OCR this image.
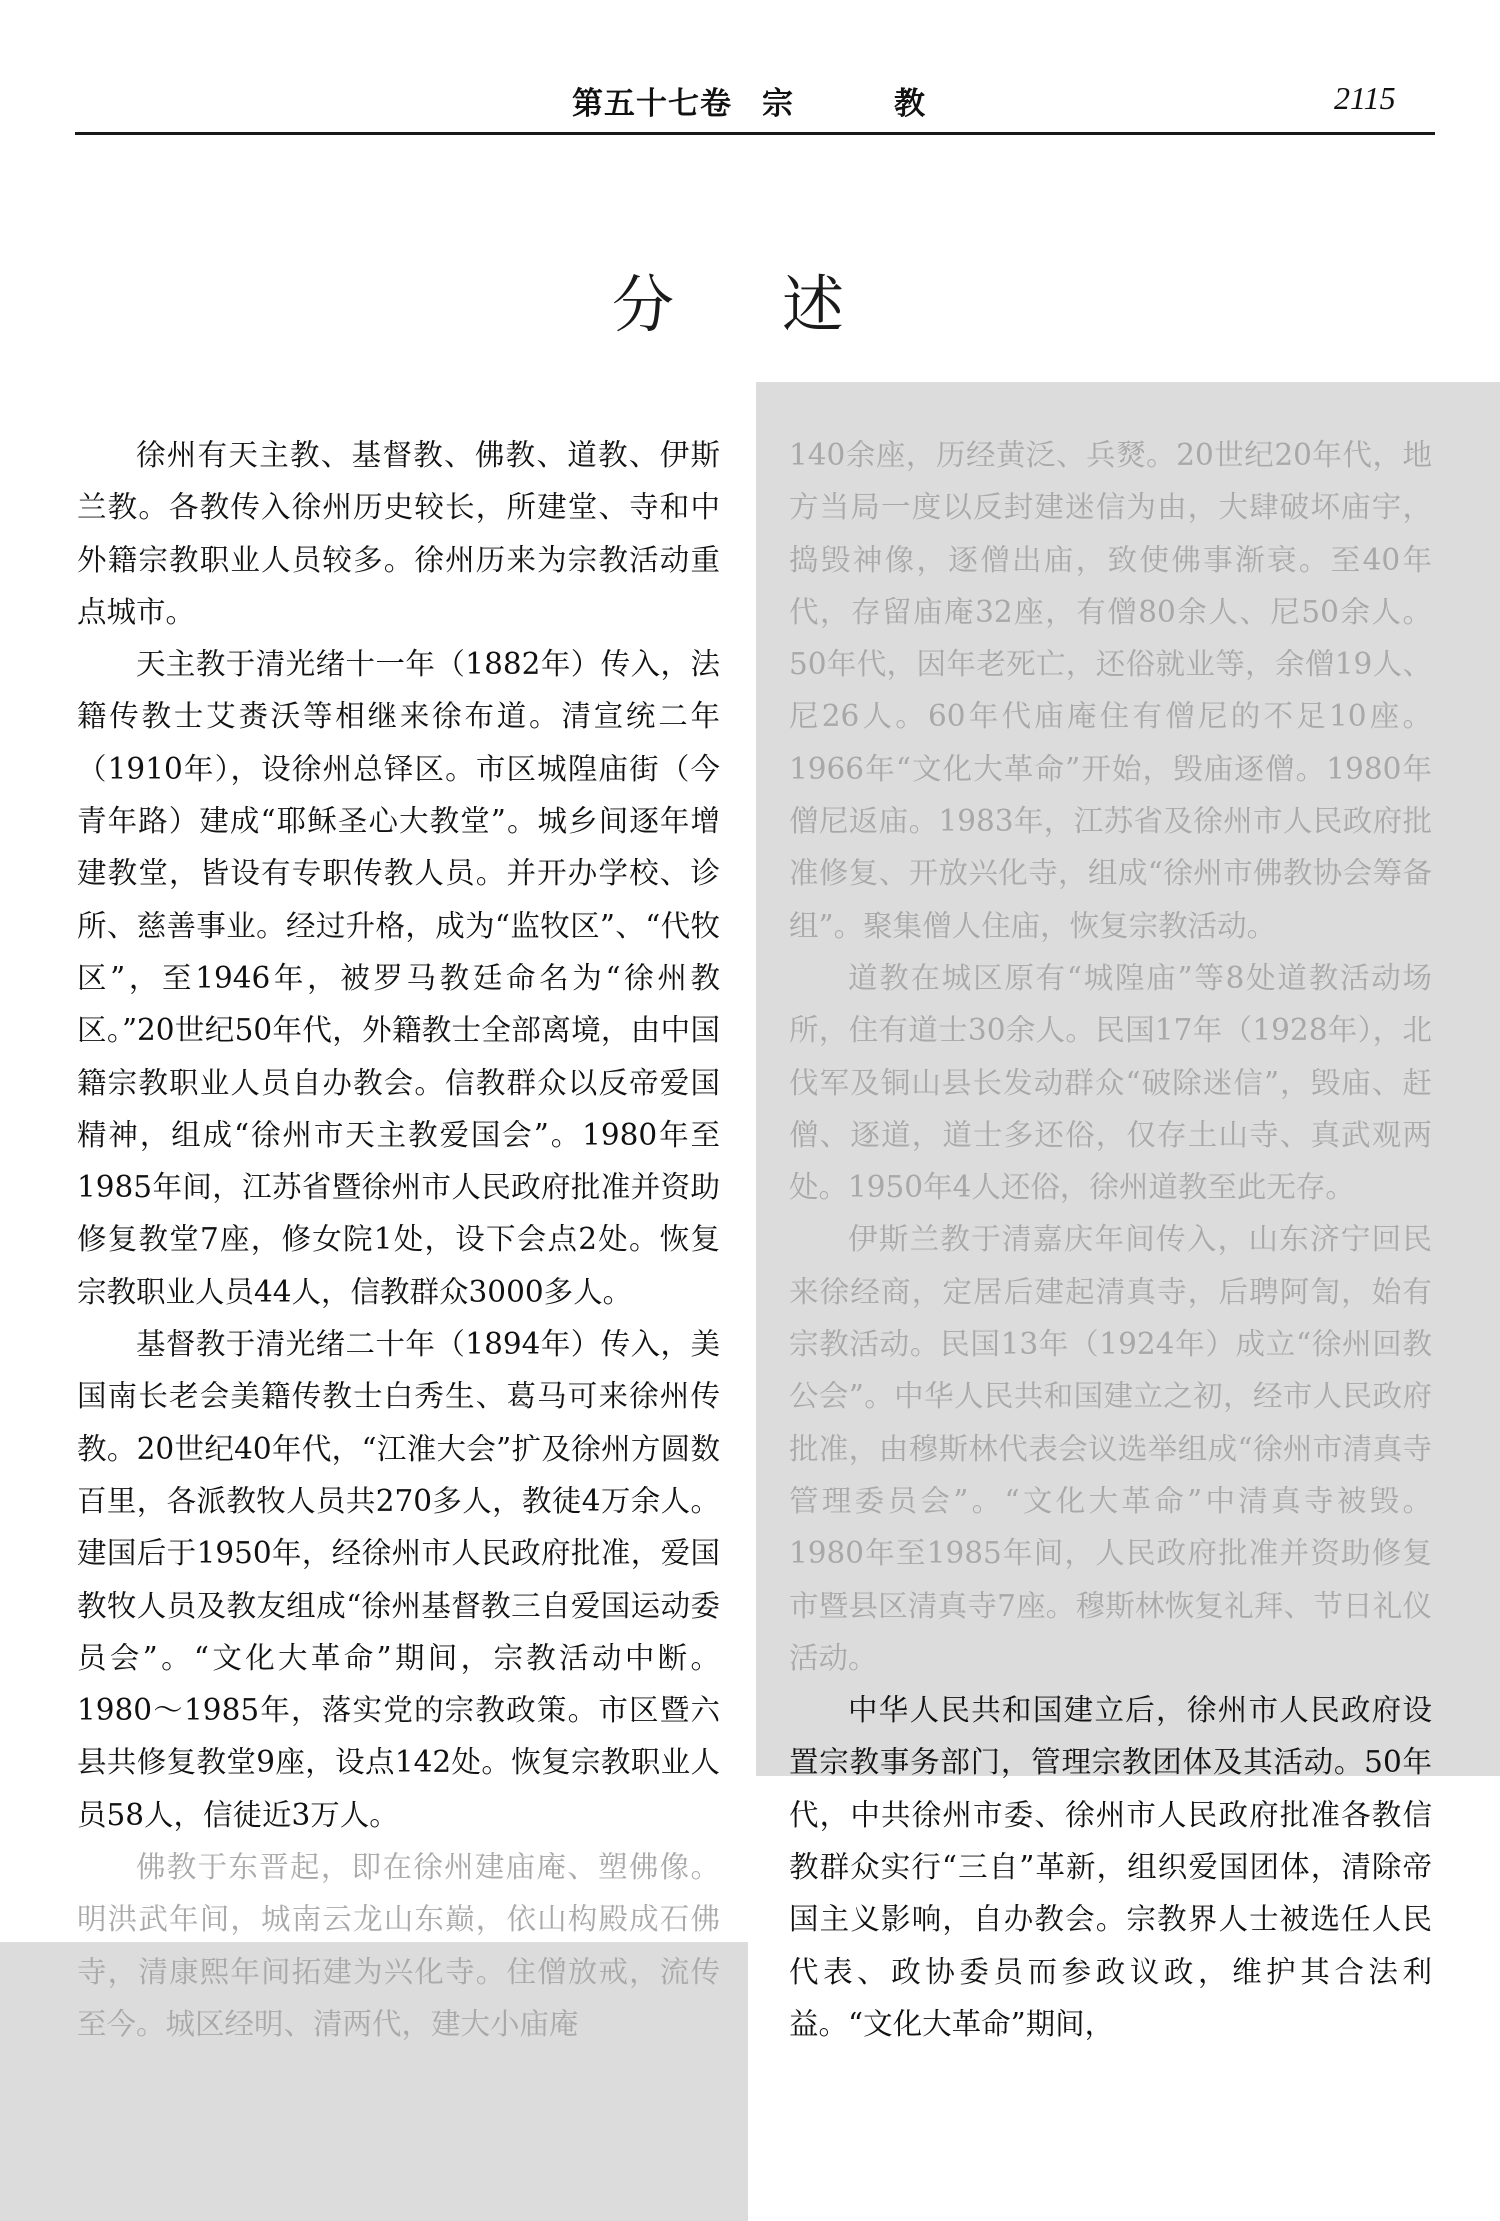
第五十七卷 宗	教	2115
分 述

徐州有天主教、基督教、佛教、道教、伊斯兰教。各教传入徐州历史较长，所建堂、寺和中外籍宗教职业人员较多。徐州历来为宗教活动重点城市。

天主教于清光绪十一年（1882年）传入，法籍传教士艾赉沃等相继来徐布道。清宣统二年（1910年），设徐州总铎区。市区城隍庙街（今青年路）建成“耶稣圣心大教堂”。城乡间逐年增建教堂，皆设有专职传教人员。并开办学校、诊所、慈善事业。经过升格，成为“监牧区”、“代牧区”，至1946年，被罗马教廷命名为“徐州教区。”20世纪50年代，外籍教士全部离境，由中国籍宗教职业人员自办教会。信教群众以反帝爱国精神，组成“徐州市天主教爱国会”。1980年至1985年间，江苏省暨徐州市人民政府批准并资助修复教堂7座，修女院1处，设下会点2处。恢复宗教职业人员44人，信教群众3000多人。

基督教于清光绪二十年（1894年）传入，美国南长老会美籍传教士白秀生、葛马可来徐州传教。20世纪40年代，“江淮大会”扩及徐州方圆数百里，各派教牧人员共270多人，教徒4万余人。建国后于1950年，经徐州市人民政府批准，爱国教牧人员及教友组成“徐州基督教三自爱国运动委员会”。“文化大革命”期间，宗教活动中断。1980～1985年，落实党的宗教政策。市区暨六县共修复教堂9座，设点142处。恢复宗教职业人员58人，信徒近3万人。

佛教于东晋起，即在徐州建庙庵、塑佛像。明洪武年间，城南云龙山东巅，依山构殿成石佛寺，清康熙年间拓建为兴化寺。住僧放戒，流传至今。城区经明、清两代，建大小庙庵

140余座，历经黄泛、兵燹。20世纪20年代，地方当局一度以反封建迷信为由，大肆破坏庙宇，捣毁神像，逐僧出庙，致使佛事渐衰。至40年代，存留庙庵32座，有僧80余人、尼50余人。50年代，因年老死亡，还俗就业等，余僧19人、尼26人。60年代庙庵住有僧尼的不足10座。1966年“文化大革命”开始，毁庙逐僧。1980年僧尼返庙。1983年，江苏省及徐州市人民政府批准修复、开放兴化寺，组成“徐州市佛教协会筹备组”。聚集僧人住庙，恢复宗教活动。

道教在城区原有“城隍庙”等8处道教活动场所，住有道士30余人。民国17年（1928年），北伐军及铜山县长发动群众“破除迷信”，毁庙、赶僧、逐道，道士多还俗，仅存土山寺、真武观两处。1950年4人还俗，徐州道教至此无存。

伊斯兰教于清嘉庆年间传入，山东济宁回民来徐经商，定居后建起清真寺，后聘阿訇，始有宗教活动。民国13年（1924年）成立“徐州回教公会”。中华人民共和国建立之初，经市人民政府批准，由穆斯林代表会议选举组成“徐州市清真寺管理委员会”。“文化大革命”中清真寺被毁。1980年至1985年间，人民政府批准并资助修复市暨县区清真寺7座。穆斯林恢复礼拜、节日礼仪活动。

中华人民共和国建立后，徐州市人民政府设置宗教事务部门，管理宗教团体及其活动。50年代，中共徐州市委、徐州市人民政府批准各教信教群众实行“三自”革新，组织爱国团体，清除帝国主义影响，自办教会。宗教界人士被选任人民代表、政协委员而参政议政，维护其合法利益。“文化大革命”期间，
